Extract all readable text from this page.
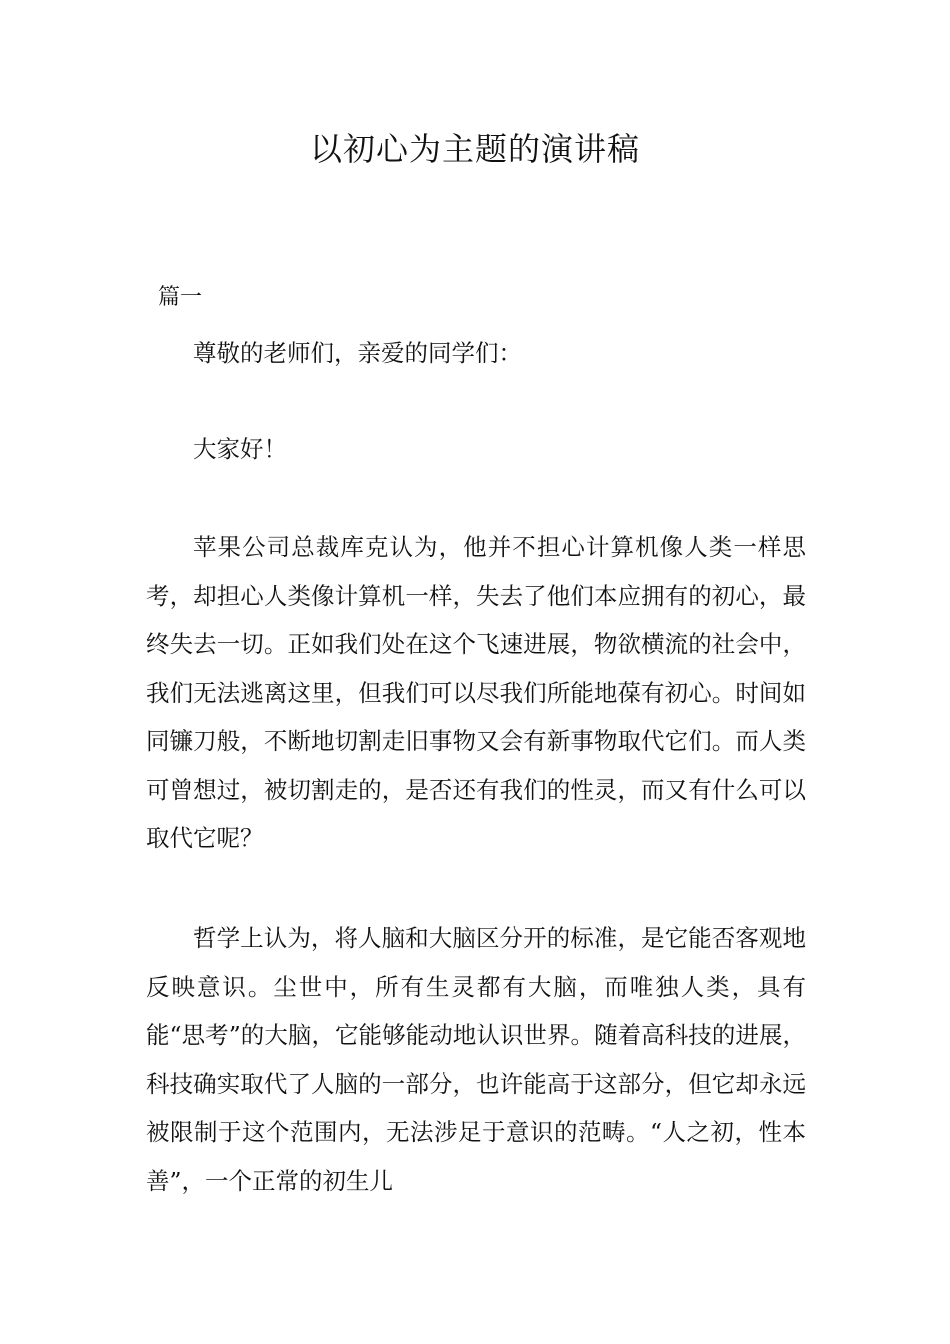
以初心为主题的演讲稿

篇一

尊敬的老师们，亲爱的同学们：

大家好！

苹果公司总裁库克认为，他并不担心计算机像人类一样思考，却担心人类像计算机一样，失去了他们本应拥有的初心，最终失去一切。正如我们处在这个飞速进展，物欲横流的社会中，我们无法逃离这里，但我们可以尽我们所能地葆有初心。时间如同镰刀般，不断地切割走旧事物又会有新事物取代它们。而人类可曾想过，被切割走的，是否还有我们的性灵，而又有什么可以取代它呢？

哲学上认为，将人脑和大脑区分开的标准，是它能否客观地反映意识。尘世中，所有生灵都有大脑，而唯独人类，具有能“思考”的大脑，它能够能动地认识世界。随着高科技的进展，科技确实取代了人脑的一部分，也许能高于这部分，但它却永远被限制于这个范围内，无法涉足于意识的范畴。“人之初，性本善”，一个正常的初生儿
